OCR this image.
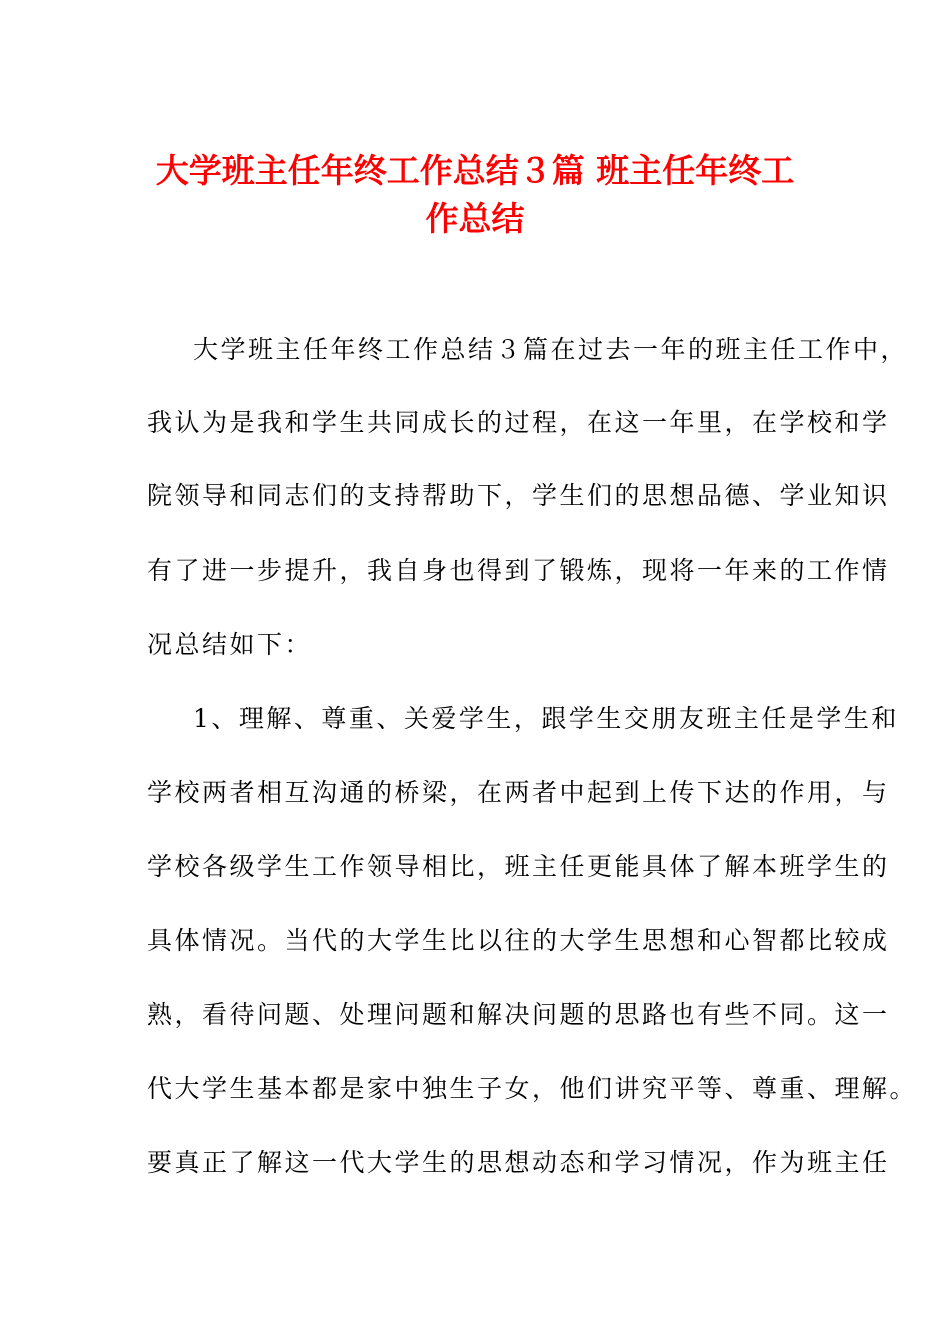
大学班主任年终工作总结３篇 班主任年终工
作总结

大学班主任年终工作总结３篇在过去一年的班主任工作中，

我认为是我和学生共同成长的过程，在这一年里，在学校和学

院领导和同志们的支持帮助下，学生们的思想品德、学业知识

有了进一步提升，我自身也得到了锻炼，现将一年来的工作情

况总结如下：

1、理解、尊重、关爱学生，跟学生交朋友班主任是学生和

学校两者相互沟通的桥梁，在两者中起到上传下达的作用，与

学校各级学生工作领导相比，班主任更能具体了解本班学生的

具体情况。当代的大学生比以往的大学生思想和心智都比较成

熟，看待问题、处理问题和解决问题的思路也有些不同。这一

代大学生基本都是家中独生子女，他们讲究平等、尊重、理解。

要真正了解这一代大学生的思想动态和学习情况，作为班主任
